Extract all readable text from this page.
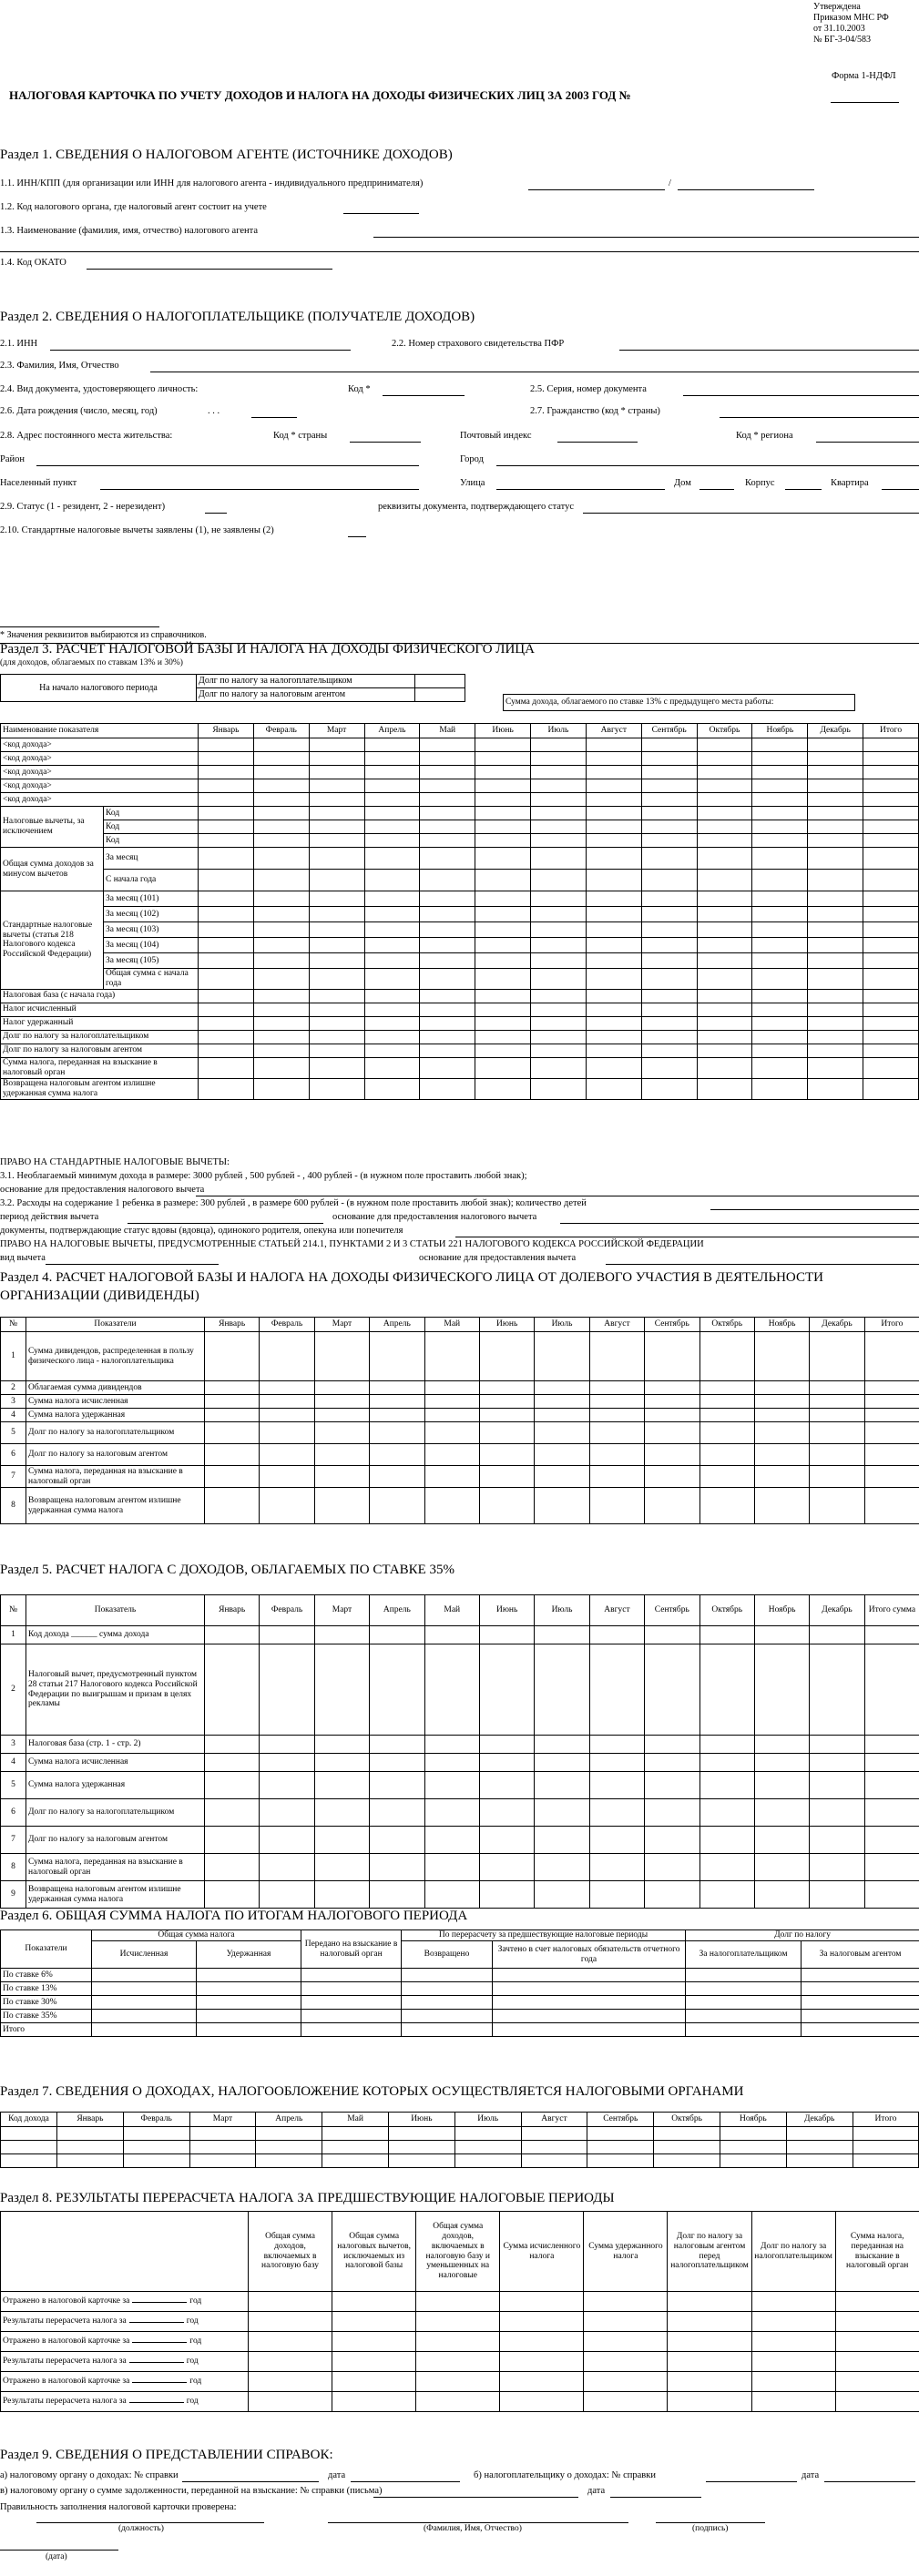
Утверждена
Приказом МНС РФ
от 31.10.2003
№ БГ-3-04/583
Форма 1-НДФЛ
НАЛОГОВАЯ КАРТОЧКА ПО УЧЕТУ ДОХОДОВ И НАЛОГА НА ДОХОДЫ ФИЗИЧЕСКИХ ЛИЦ ЗА 2003 ГОД №
Раздел 1. СВЕДЕНИЯ О НАЛОГОВОМ АГЕНТЕ (ИСТОЧНИКЕ ДОХОДОВ)
1.1. ИНН/КПП (для организации или ИНН для налогового агента - индивидуального предпринимателя)	/
1.2. Код налогового органа, где налоговый агент состоит на учете
1.3. Наименование (фамилия, имя, отчество) налогового агента
1.4. Код ОКАТО
Раздел 2. СВЕДЕНИЯ О НАЛОГОПЛАТЕЛЬЩИКЕ (ПОЛУЧАТЕЛЕ ДОХОДОВ)
2.1. ИНН	2.2. Номер страхового свидетельства ПФР
2.3. Фамилия, Имя, Отчество
2.4. Вид документа, удостоверяющего личность:	Код *	2.5. Серия, номер документа
2.6. Дата рождения (число, месяц, год)	. . .	2.7. Гражданство (код * страны)
2.8. Адрес постоянного места жительства:	Код * страны	Почтовый индекс	Код * региона
Район	Город
Населенный пункт	Улица	Дом	Корпус	Квартира
2.9. Статус (1 - резидент, 2 - нерезидент)	реквизиты документа, подтверждающего статус
2.10. Стандартные налоговые вычеты заявлены (1), не заявлены (2)
* Значения реквизитов выбираются из справочников.
Раздел 3. РАСЧЕТ НАЛОГОВОЙ БАЗЫ И НАЛОГА НА ДОХОДЫ ФИЗИЧЕСКОГО ЛИЦА
(для доходов, облагаемых по ставкам 13% и 30%)
На начало налогового периода	Долг по налогу за налогоплательщиком	
	Долг по налогу за налоговым агентом	
Сумма дохода, облагаемого по ставке 13% с предыдущего места работы:
Наименование показателя		Январь	Февраль	Март	Апрель	Май	Июнь	Июль	Август	Сентябрь	Октябрь	Ноябрь	Декабрь	Итого
<код дохода>														
<код дохода>														
<код дохода>														
<код дохода>														
<код дохода>														
Налоговые вычеты, за исключением	Код													
	Код													
	Код													
Общая сумма доходов за минусом вычетов	За месяц													
	С начала года													
Стандартные налоговые вычеты (статья 218 Налогового кодекса Российской Федерации)	За месяц (101)													
	За месяц (102)													
	За месяц (103)													
	За месяц (104)													
	За месяц (105)													
	Общая сумма с начала года													
Налоговая база (с начала года)														
Налог исчисленный														
Налог удержанный														
Долг по налогу за налогоплательщиком														
Долг по налогу за налоговым агентом														
Сумма налога, переданная на взыскание в налоговый орган														
Возвращена налоговым агентом излишне удержанная сумма налога														
ПРАВО НА СТАНДАРТНЫЕ НАЛОГОВЫЕ ВЫЧЕТЫ:
3.1. Необлагаемый минимум дохода в размере: 3000 рублей , 500 рублей - , 400 рублей - (в нужном поле проставить любой знак);
основание для предоставления налогового вычета
3.2. Расходы на содержание 1 ребенка в размере: 300 рублей , в размере 600 рублей - (в нужном поле проставить любой знак); количество детей
период действия вычета	основание для предоставления налогового вычета
документы, подтверждающие статус вдовы (вдовца), одинокого родителя, опекуна или попечителя
ПРАВО НА НАЛОГОВЫЕ ВЫЧЕТЫ, ПРЕДУСМОТРЕННЫЕ СТАТЬЕЙ 214.1, ПУНКТАМИ 2 И 3 СТАТЬИ 221 НАЛОГОВОГО КОДЕКСА РОССИЙСКОЙ ФЕДЕРАЦИИ
вид вычета	основание для предоставления вычета
Раздел 4. РАСЧЕТ НАЛОГОВОЙ БАЗЫ И НАЛОГА НА ДОХОДЫ ФИЗИЧЕСКОГО ЛИЦА ОТ ДОЛЕВОГО УЧАСТИЯ В ДЕЯТЕЛЬНОСТИ ОРГАНИЗАЦИИ (ДИВИДЕНДЫ)
№	Показатели	Январь	Февраль	Март	Апрель	Май	Июнь	Июль	Август	Сентябрь	Октябрь	Ноябрь	Декабрь	Итого
1	Сумма дивидендов, распределенная в пользу физического лица - налогоплательщика													
2	Облагаемая сумма дивидендов													
3	Сумма налога исчисленная													
4	Сумма налога удержанная													
5	Долг по налогу за налогоплательщиком													
6	Долг по налогу за налоговым агентом													
7	Сумма налога, переданная на взыскание в налоговый орган													
8	Возвращена налоговым агентом излишне удержанная сумма налога													
Раздел 5. РАСЧЕТ НАЛОГА С ДОХОДОВ, ОБЛАГАЕМЫХ ПО СТАВКЕ 35%
№	Показатель	Январь	Февраль	Март	Апрель	Май	Июнь	Июль	Август	Сентябрь	Октябрь	Ноябрь	Декабрь	Итого сумма
1	Код дохода ______ сумма дохода													
2	Налоговый вычет, предусмотренный пунктом 28 статьи 217 Налогового кодекса Российской Федерации по выигрышам и призам в целях рекламы													
3	Налоговая база (стр. 1 - стр. 2)													
4	Сумма налога исчисленная													
5	Сумма налога удержанная													
6	Долг по налогу за налогоплательщиком													
7	Долг по налогу за налоговым агентом													
8	Сумма налога, переданная на взыскание в налоговый орган													
9	Возвращена налоговым агентом излишне удержанная сумма налога													
Раздел 6. ОБЩАЯ СУММА НАЛОГА ПО ИТОГАМ НАЛОГОВОГО ПЕРИОДА
Показатели	Общая сумма налога		Передано на взыскание в налоговый орган	По перерасчету за предшествующие налоговые периоды		Долг по налогу	
	Исчисленная	Удержанная		Возвращено	Зачтено в счет налоговых обязательств отчетного года	За налогоплательщиком	За налоговым агентом
По ставке 6%							
По ставке 13%							
По ставке 30%							
По ставке 35%							
Итого							
Раздел 7. СВЕДЕНИЯ О ДОХОДАХ, НАЛОГООБЛОЖЕНИЕ КОТОРЫХ ОСУЩЕСТВЛЯЕТСЯ НАЛОГОВЫМИ ОРГАНАМИ
Код дохода	Январь	Февраль	Март	Апрель	Май	Июнь	Июль	Август	Сентябрь	Октябрь	Ноябрь	Декабрь	Итого

Раздел 8. РЕЗУЛЬТАТЫ ПЕРЕРАСЧЕТА НАЛОГА ЗА ПРЕДШЕСТВУЮЩИЕ НАЛОГОВЫЕ ПЕРИОДЫ
	Общая сумма доходов, включаемых в налоговую базу	Общая сумма налоговых вычетов, исключаемых из налоговой базы	Общая сумма доходов, включаемых в налоговую базу и уменьшенных на налоговые	Сумма исчисленного налога	Сумма удержанного налога	Долг по налогу за налоговым агентом перед налогоплательщиком	Долг по налогу за налогоплательщиком	Сумма налога, переданная на взыскание в налоговый орган
Отражено в налоговой карточке за год								
Результаты перерасчета налога за год								
Отражено в налоговой карточке за год								
Результаты перерасчета налога за год								
Отражено в налоговой карточке за год								
Результаты перерасчета налога за год								
Раздел 9. СВЕДЕНИЯ О ПРЕДСТАВЛЕНИИ СПРАВОК:
а) налоговому органу о доходах: № справки	дата	б) налогоплательщику о доходах: № справки	дата
в) налоговому органу о сумме задолженности, переданной на взыскание: № справки (письма)	дата
Правильность заполнения налоговой карточки проверена:
(должность)	(Фамилия, Имя, Отчество)	(подпись)
(дата)
